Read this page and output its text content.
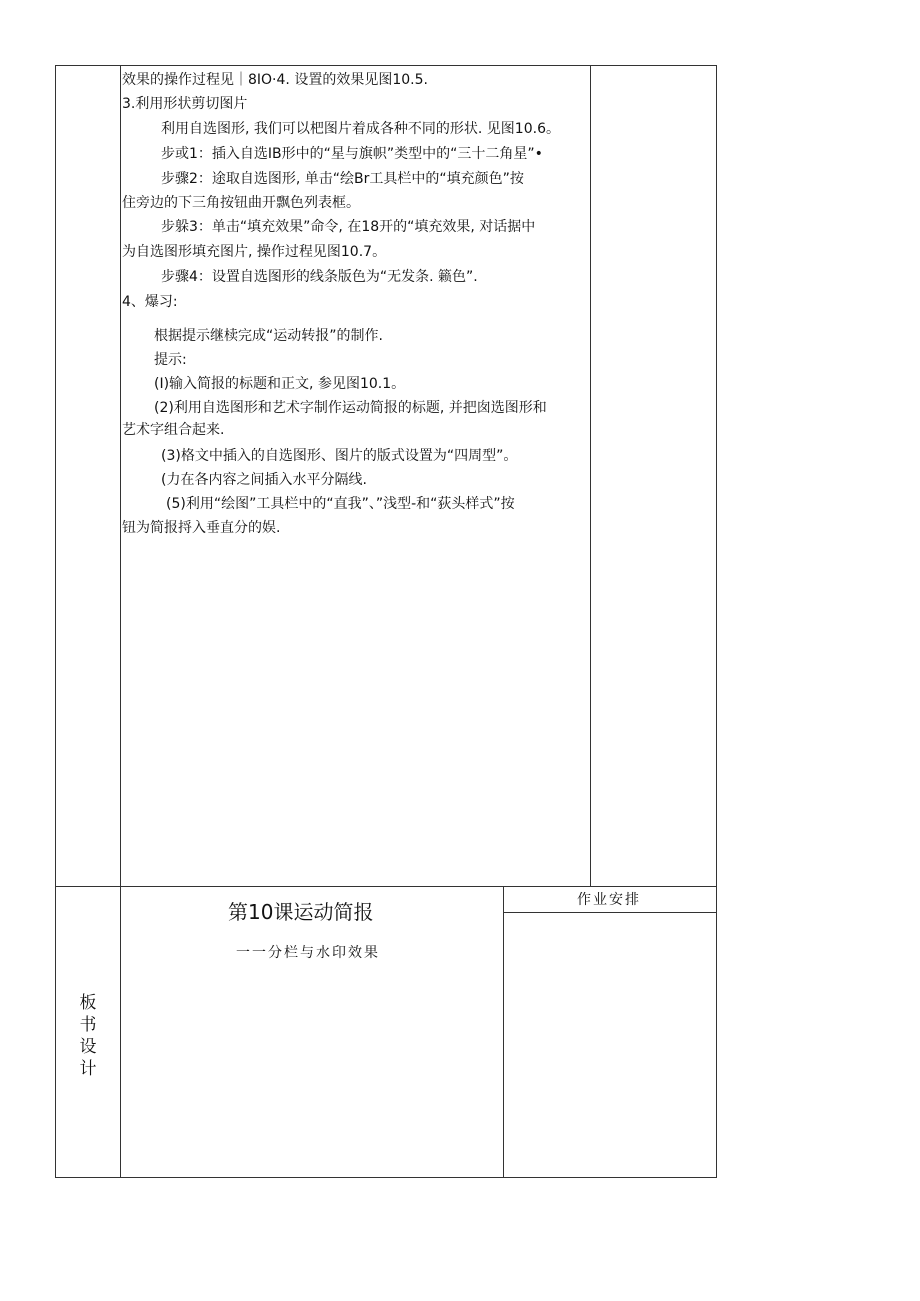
效果的操作过程见｜8IO·4. 设置的效果见图10.5.
3.利用形状剪切图片
利用自选图形, 我们可以杷图片着成各种不同的形状. 见图10.6。
步或1：插入自选IB形中的“星与旗帜”类型中的“三十二角星”•
步骤2：途取自选图形, 单击“绘Br工具栏中的“填充颜色”按
住旁边的下三角按钮曲开飘色列表框。
步躲3：单击“填充效果”命令, 在18开的“填充效果, 对话据中
为自选图形填充图片, 操作过程见图10.7。
步骤4：设置自选图形的线条版色为“无发条. 籁色”.
4、爆习:
根据提示继椟完成“运动转报”的制作.
提示:
(I)输入简报的标题和正文, 参见图10.1。
(2)利用自选图形和艺术字制作运动简报的标题, 并把囱选图形和
艺术字组合起来.
(3)格文中插入的自选图形、图片的版式设置为“四周型”。
(力在各内容之间插入水平分隔线.
(5)利用“绘图”工具栏中的“直我”、”浅型-和“荻头样式”按
钮为简报捋入垂直分的娱.
板
书
设
计
第10课运动简报
一一分栏与水印效果
作业安排
